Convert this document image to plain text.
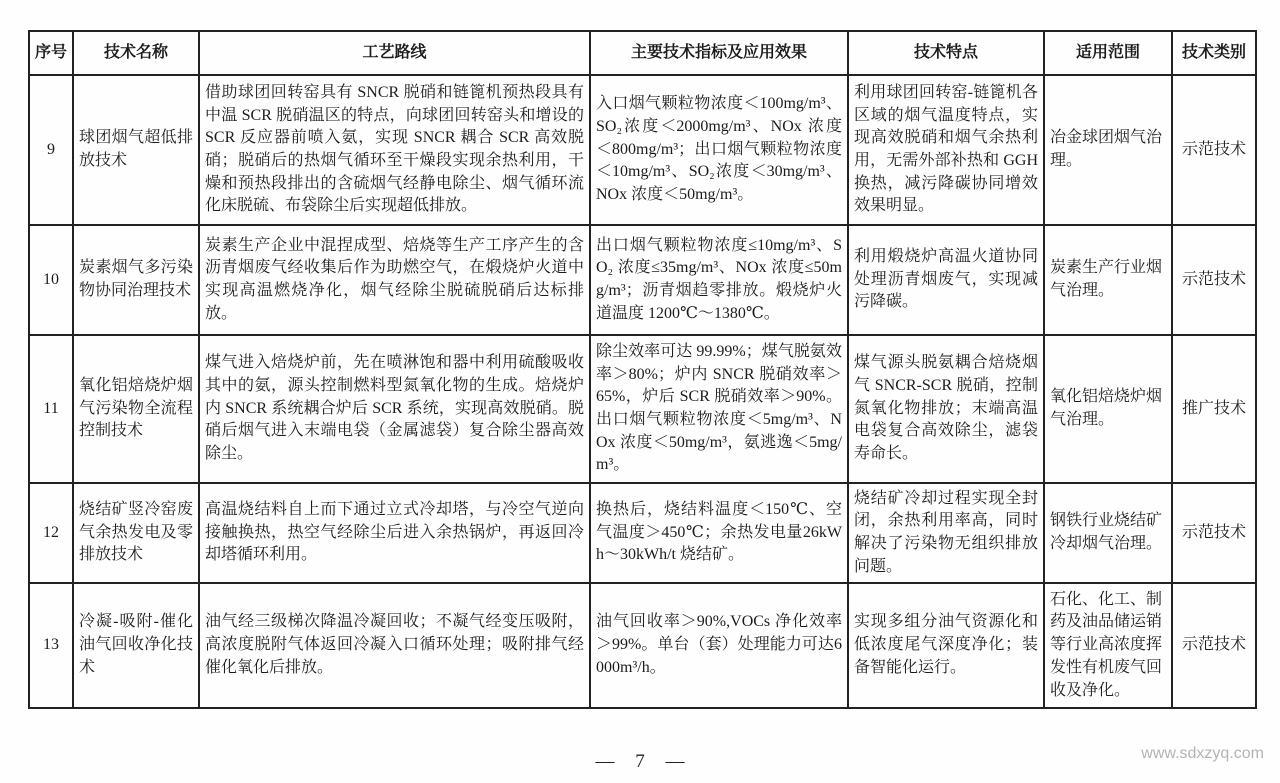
序号	技术名称	工艺路线	主要技术指标及应用效果	技术特点	适用范围	技术类别
9	球团烟气超低排放技术	借助球团回转窑具有 SNCR 脱硝和链篦机预热段具有中温 SCR 脱硝温区的特点，向球团回转窑头和增设的 SCR 反应器前喷入氨，实现 SNCR 耦合 SCR 高效脱硝；脱硝后的热烟气循环至干燥段实现余热利用，干燥和预热段排出的含硫烟气经静电除尘、烟气循环流化床脱硫、布袋除尘后实现超低排放。	入口烟气颗粒物浓度＜100mg/m³、SO₂浓度＜2000mg/m³、NOx 浓度＜800mg/m³；出口烟气颗粒物浓度＜10mg/m³、SO₂浓度＜30mg/m³、NOx 浓度＜50mg/m³。	利用球团回转窑-链篦机各区域的烟气温度特点，实现高效脱硝和烟气余热利用，无需外部补热和 GGH 换热，减污降碳协同增效效果明显。	冶金球团烟气治理。	示范技术
10	炭素烟气多污染物协同治理技术	炭素生产企业中混捏成型、焙烧等生产工序产生的含沥青烟废气经收集后作为助燃空气，在煅烧炉火道中实现高温燃烧净化，烟气经除尘脱硫脱硝后达标排放。	出口烟气颗粒物浓度≤10mg/m³、SO₂ 浓度≤35mg/m³、NOx 浓度≤50mg/m³；沥青烟趋零排放。煅烧炉火道温度 1200℃～1380℃。	利用煅烧炉高温火道协同处理沥青烟废气，实现减污降碳。	炭素生产行业烟气治理。	示范技术
11	氧化铝焙烧炉烟气污染物全流程控制技术	煤气进入焙烧炉前，先在喷淋饱和器中利用硫酸吸收其中的氨，源头控制燃料型氮氧化物的生成。焙烧炉内 SNCR 系统耦合炉后 SCR 系统，实现高效脱硝。脱硝后烟气进入末端电袋（金属滤袋）复合除尘器高效除尘。	除尘效率可达 99.99%；煤气脱氨效率＞80%；炉内 SNCR 脱硝效率＞65%，炉后 SCR 脱硝效率＞90%。出口烟气颗粒物浓度＜5mg/m³、NOx 浓度＜50mg/m³，氨逃逸＜5mg/m³。	煤气源头脱氨耦合焙烧烟气 SNCR-SCR 脱硝，控制氮氧化物排放；末端高温电袋复合高效除尘，滤袋寿命长。	氧化铝焙烧炉烟气治理。	推广技术
12	烧结矿竖冷窑废气余热发电及零排放技术	高温烧结料自上而下通过立式冷却塔，与冷空气逆向接触换热，热空气经除尘后进入余热锅炉，再返回冷却塔循环利用。	换热后，烧结料温度＜150℃、空气温度＞450℃；余热发电量26kWh～30kWh/t 烧结矿。	烧结矿冷却过程实现全封闭，余热利用率高，同时解决了污染物无组织排放问题。	钢铁行业烧结矿冷却烟气治理。	示范技术
13	冷凝-吸附-催化油气回收净化技术	油气经三级梯次降温冷凝回收；不凝气经变压吸附，高浓度脱附气体返回冷凝入口循环处理；吸附排气经催化氧化后排放。	油气回收率＞90%,VOCs 净化效率＞99%。单台（套）处理能力可达6000m³/h。	实现多组分油气资源化和低浓度尾气深度净化；装备智能化运行。	石化、化工、制药及油品储运销等行业高浓度挥发性有机废气回收及净化。	示范技术
— 7 —	www.sdxzyq.com
